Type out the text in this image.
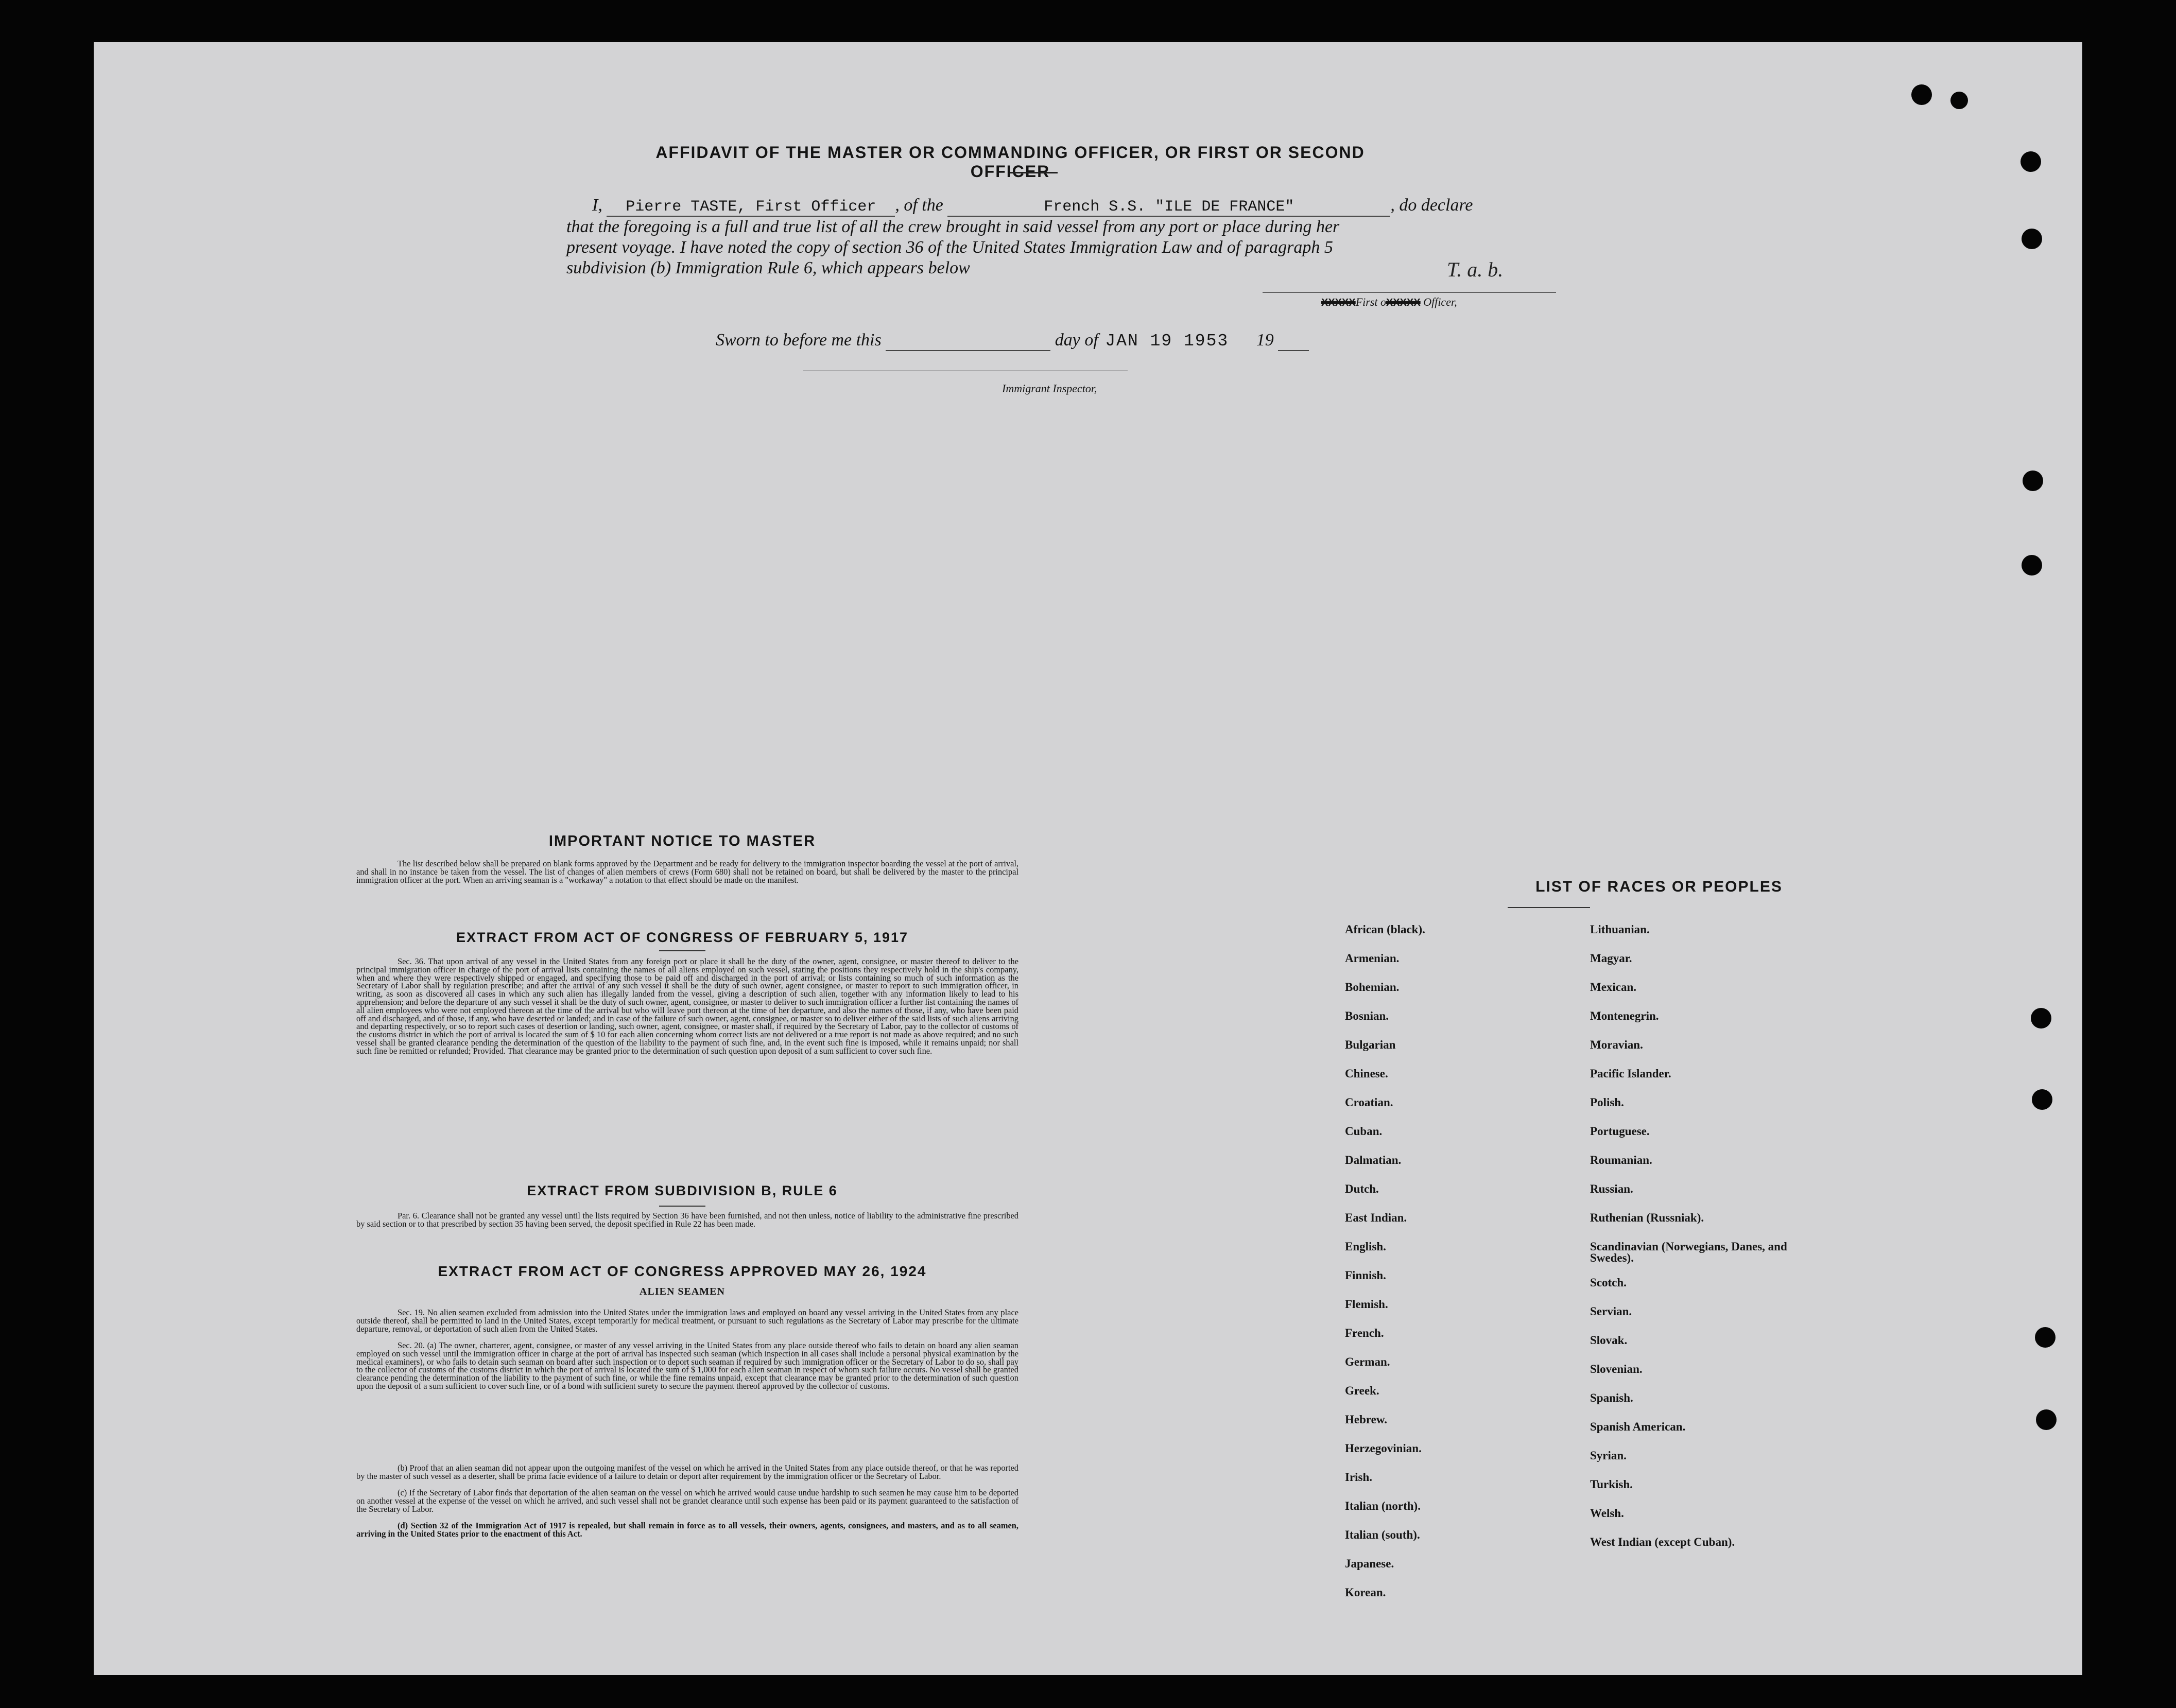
AFFIDAVIT OF THE MASTER OR COMMANDING OFFICER, OR FIRST OR SECOND OFFICER
I, Pierre TASTE, First Officer , of the	French S.S. "ILE DE FRANCE"	, do declare
that the foregoing is a full and true list of all the crew brought in said vessel from any port or place during her
present voyage. I have noted the copy of section 36 of the United States Immigration Law and of paragraph 5
subdivision (b) Immigration Rule 6, which appears below	T. a. b.
XXXXXFirst oXXXXX Officer,
Sworn to before me this	day of JAN 19 1953 19
Immigrant Inspector,
IMPORTANT NOTICE TO MASTER
The list described below shall be prepared on blank forms approved by the Department and be ready for delivery to the immigration inspector boarding the vessel at the port of arrival, and shall in no instance be taken from the vessel. The list of changes of alien members of crews (Form 680) shall not be retained on board, but shall be delivered by the master to the principal immigration officer at the port. When an arriving seaman is a "workaway" a notation to that effect should be made on the manifest.
EXTRACT FROM ACT OF CONGRESS OF FEBRUARY 5, 1917
Sec. 36. That upon arrival of any vessel in the United States from any foreign port or place it shall be the duty of the owner, agent, consignee, or master thereof to deliver to the principal immigration officer in charge of the port of arrival lists containing the names of all aliens employed on such vessel, stating the positions they respectively hold in the ship's company, when and where they were respectively shipped or engaged, and specifying those to be paid off and discharged in the port of arrival; or lists containing so much of such information as the Secretary of Labor shall by regulation prescribe; and after the arrival of any such vessel it shall be the duty of such owner, agent consignee, or master to report to such immigration officer, in writing, as soon as discovered all cases in which any such alien has illegally landed from the vessel, giving a description of such alien, together with any information likely to lead to his apprehension; and before the departure of any such vessel it shall be the duty of such owner, agent, consignee, or master to deliver to such immigration officer a further list containing the names of all alien employees who were not employed thereon at the time of the arrival but who will leave port thereon at the time of her departure, and also the names of those, if any, who have been paid off and discharged, and of those, if any, who have deserted or landed; and in case of the failure of such owner, agent, consignee, or master so to deliver either of the said lists of such aliens arriving and departing respectively, or so to report such cases of desertion or landing, such owner, agent, consignee, or master shall, if required by the Secretary of Labor, pay to the collector of customs of the customs district in which the port of arrival is located the sum of $ 10 for each alien concerning whom correct lists are not delivered or a true report is not made as above required; and no such vessel shall be granted clearance pending the determination of the question of the liability to the payment of such fine, and, in the event such fine is imposed, while it remains unpaid; nor shall such fine be remitted or refunded; Provided. That clearance may be granted prior to the determination of such question upon deposit of a sum sufficient to cover such fine.
EXTRACT FROM SUBDIVISION B, RULE 6
Par. 6. Clearance shall not be granted any vessel until the lists required by Section 36 have been furnished, and not then unless, notice of liability to the administrative fine prescribed by said section or to that prescribed by section 35 having been served, the deposit specified in Rule 22 has been made.
EXTRACT FROM ACT OF CONGRESS APPROVED MAY 26, 1924
ALIEN SEAMEN
Sec. 19. No alien seamen excluded from admission into the United States under the immigration laws and employed on board any vessel arriving in the United States from any place outside thereof, shall be permitted to land in the United States, except temporarily for medical treatment, or pursuant to such regulations as the Secretary of Labor may prescribe for the ultimate departure, removal, or deportation of such alien from the United States.
Sec. 20. (a) The owner, charterer, agent, consignee, or master of any vessel arriving in the United States from any place outside thereof who fails to detain on board any alien seaman employed on such vessel until the immigration officer in charge at the port of arrival has inspected such seaman (which inspection in all cases shall include a personal physical examination by the medical examiners), or who fails to detain such seaman on board after such inspection or to deport such seaman if required by such immigration officer or the Secretary of Labor to do so, shall pay to the collector of customs of the customs district in which the port of arrival is located the sum of $ 1,000 for each alien seaman in respect of whom such failure occurs. No vessel shall be granted clearance pending the determination of the liability to the payment of such fine, or while the fine remains unpaid, except that clearance may be granted prior to the determination of such question upon the deposit of a sum sufficient to cover such fine, or of a bond with sufficient surety to secure the payment thereof approved by the collector of customs.
(b) Proof that an alien seaman did not appear upon the outgoing manifest of the vessel on which he arrived in the United States from any place outside thereof, or that he was reported by the master of such vessel as a deserter, shall be prima facie evidence of a failure to detain or deport after requirement by the immigration officer or the Secretary of Labor.
(c) If the Secretary of Labor finds that deportation of the alien seaman on the vessel on which he arrived would cause undue hardship to such seamen he may cause him to be deported on another vessel at the expense of the vessel on which he arrived, and such vessel shall not be grandet clearance until such expense has been paid or its payment guaranteed to the satisfaction of the Secretary of Labor.
(d) Section 32 of the Immigration Act of 1917 is repealed, but shall remain in force as to all vessels, their owners, agents, consignees, and masters, and as to all seamen, arriving in the United States prior to the enactment of this Act.
LIST OF RACES OR PEOPLES
African (black).
Armenian.
Bohemian.
Bosnian.
Bulgarian
Chinese.
Croatian.
Cuban.
Dalmatian.
Dutch.
East Indian.
English.
Finnish.
Flemish.
French.
German.
Greek.
Hebrew.
Herzegovinian.
Irish.
Italian (north).
Italian (south).
Japanese.
Korean.
Lithuanian.
Magyar.
Mexican.
Montenegrin.
Moravian.
Pacific Islander.
Polish.
Portuguese.
Roumanian.
Russian.
Ruthenian (Russniak).
Scandinavian (Norwegians, Danes, and Swedes).
Scotch.
Servian.
Slovak.
Slovenian.
Spanish.
Spanish American.
Syrian.
Turkish.
Welsh.
West Indian (except Cuban).
